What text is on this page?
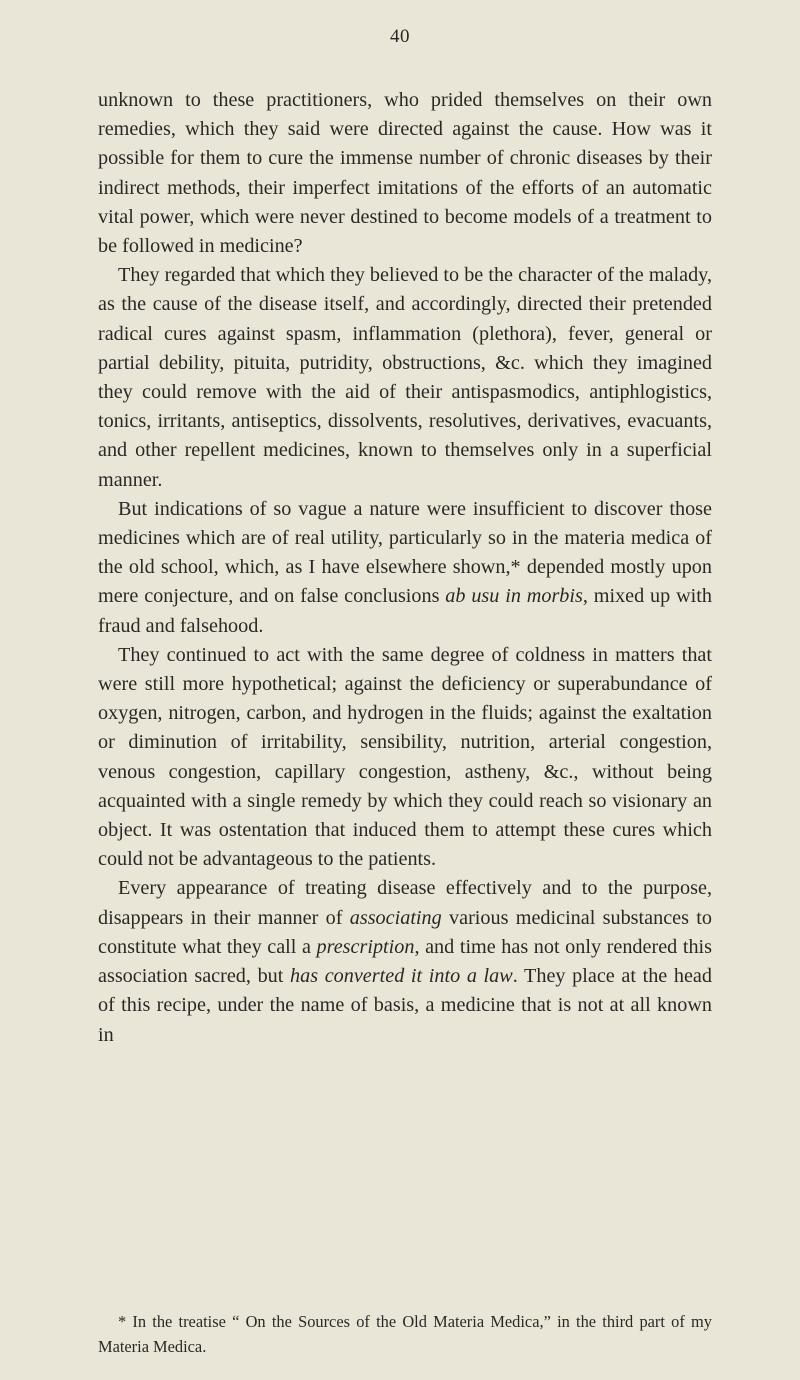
40

unknown to these practitioners, who prided themselves on their own remedies, which they said were directed against the cause. How was it possible for them to cure the immense number of chronic diseases by their indirect methods, their imperfect imitations of the efforts of an automatic vital power, which were never destined to become models of a treatment to be followed in medicine?

They regarded that which they believed to be the character of the malady, as the cause of the disease itself, and accordingly, directed their pretended radical cures against spasm, inflammation (plethora), fever, general or partial debility, pituita, putridity, obstructions, &c. which they imagined they could remove with the aid of their antispasmodics, antiphlogistics, tonics, irritants, antiseptics, dissolvents, resolutives, derivatives, evacuants, and other repellent medicines, known to themselves only in a superficial manner.

But indications of so vague a nature were insufficient to discover those medicines which are of real utility, particularly so in the materia medica of the old school, which, as I have elsewhere shown,* depended mostly upon mere conjecture, and on false conclusions ab usu in morbis, mixed up with fraud and falsehood.

They continued to act with the same degree of coldness in matters that were still more hypothetical; against the deficiency or superabundance of oxygen, nitrogen, carbon, and hydrogen in the fluids; against the exaltation or diminution of irritability, sensibility, nutrition, arterial congestion, venous congestion, capillary congestion, astheny, &c., without being acquainted with a single remedy by which they could reach so visionary an object. It was ostentation that induced them to attempt these cures which could not be advantageous to the patients.

Every appearance of treating disease effectively and to the purpose, disappears in their manner of associating various medicinal substances to constitute what they call a prescription, and time has not only rendered this association sacred, but has converted it into a law. They place at the head of this recipe, under the name of basis, a medicine that is not at all known in

* In the treatise “ On the Sources of the Old Materia Medica,” in the third part of my Materia Medica.
